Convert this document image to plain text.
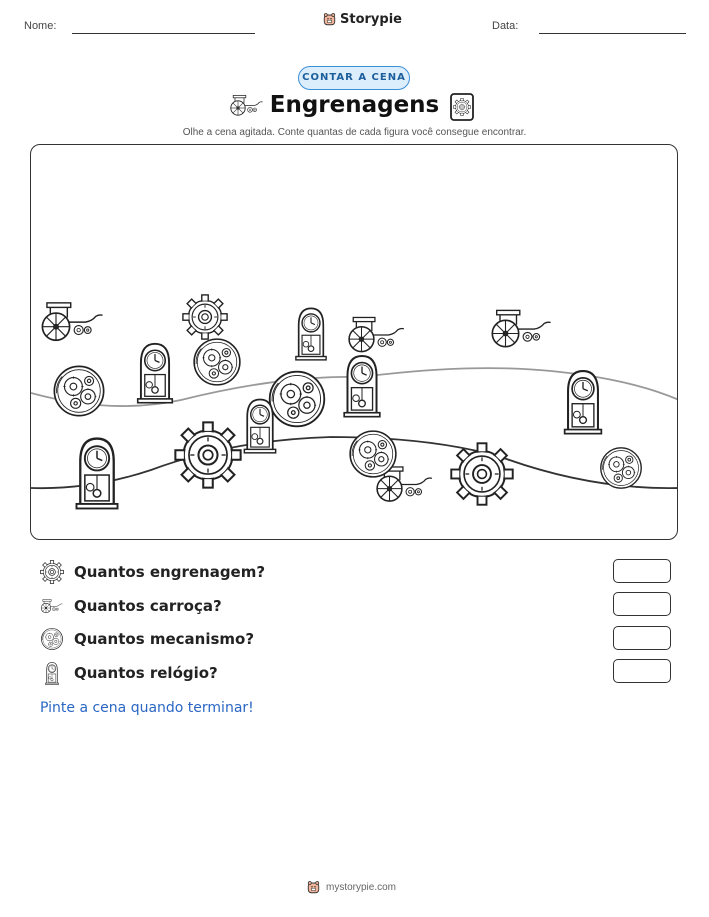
Nome:	Storypie	Data:
CONTAR A CENA
Engrenagens
Olhe a cena agitada. Conte quantas de cada figura você consegue encontrar.
Quantos engrenagem?
Quantos carroça?
Quantos mecanismo?
Quantos relógio?
Pinte a cena quando terminar!
mystorypie.com
